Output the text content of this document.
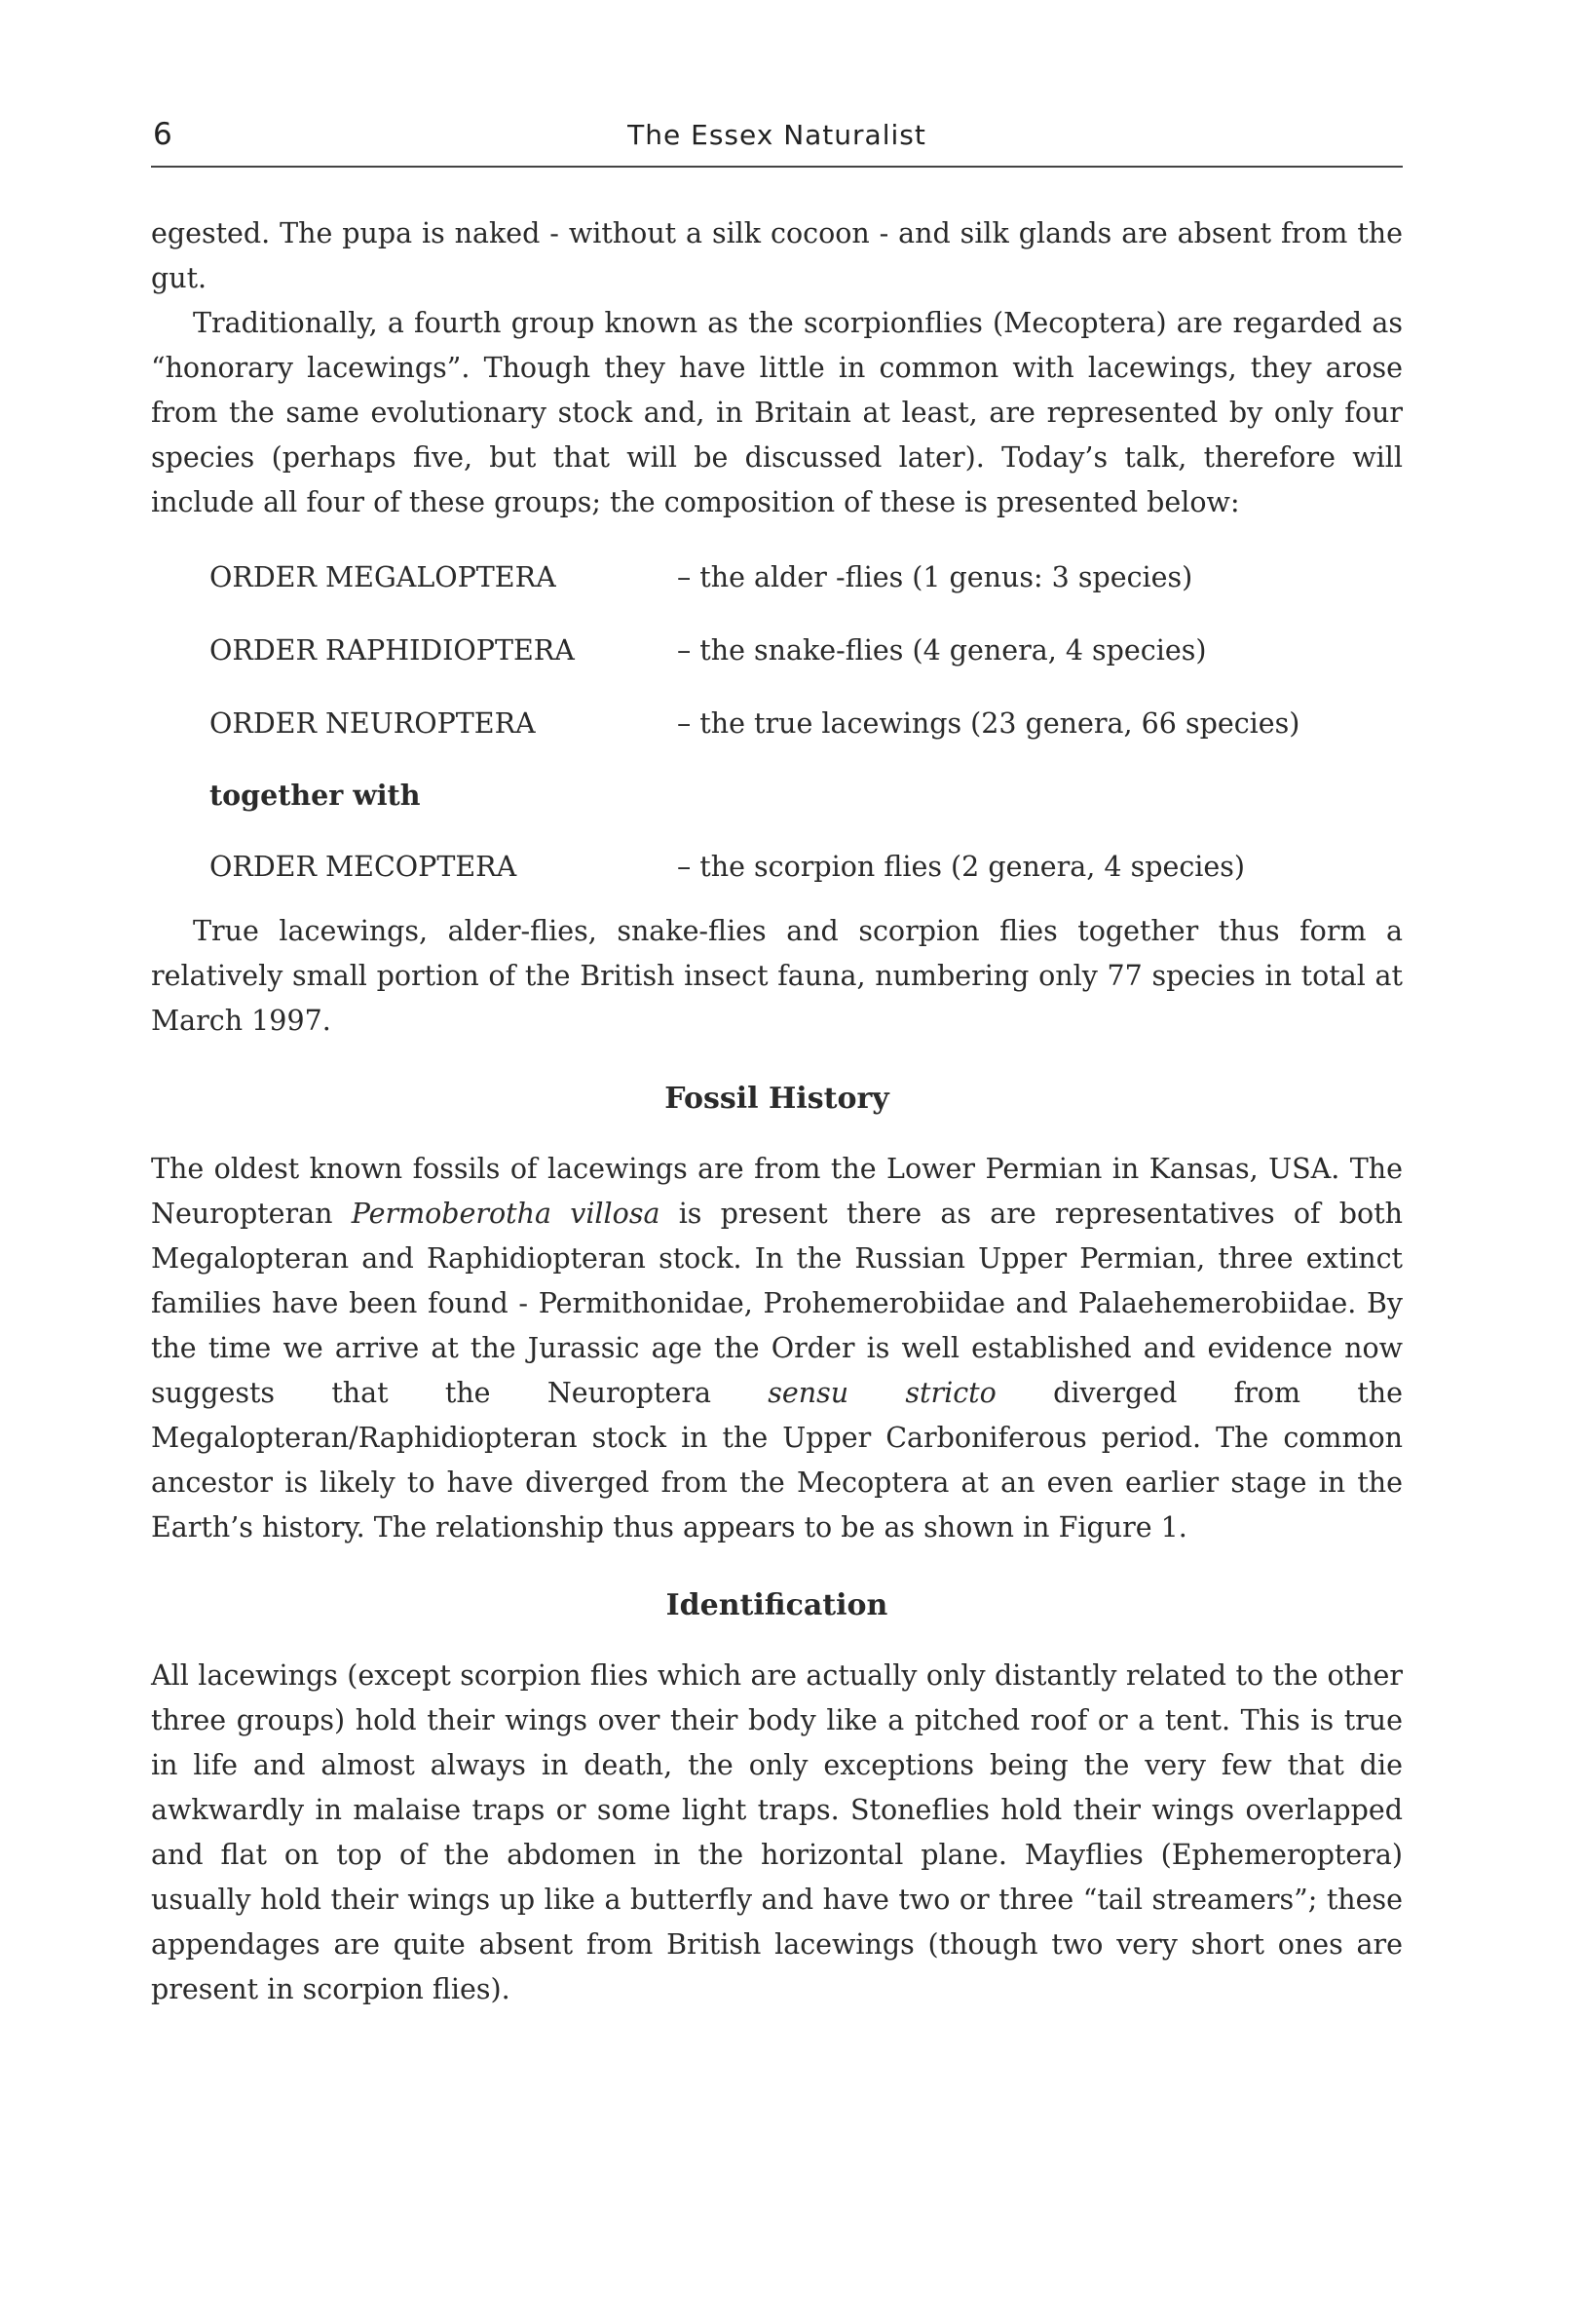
6	The Essex Naturalist

egested. The pupa is naked - without a silk cocoon - and silk glands are absent from the gut.

Traditionally, a fourth group known as the scorpionflies (Mecoptera) are regarded as “honorary lacewings”. Though they have little in common with lacewings, they arose from the same evolutionary stock and, in Britain at least, are represented by only four species (perhaps five, but that will be discussed later). Today’s talk, therefore will include all four of these groups; the composition of these is presented below:

ORDER MEGALOPTERA	– the alder -flies (1 genus: 3 species)
ORDER RAPHIDIOPTERA	– the snake-flies (4 genera, 4 species)
ORDER NEUROPTERA	– the true lacewings (23 genera, 66 species)
together with
ORDER MECOPTERA	– the scorpion flies (2 genera, 4 species)

True lacewings, alder-flies, snake-flies and scorpion flies together thus form a relatively small portion of the British insect fauna, numbering only 77 species in total at March 1997.

Fossil History

The oldest known fossils of lacewings are from the Lower Permian in Kansas, USA. The Neuropteran Permoberotha villosa is present there as are representatives of both Megalopteran and Raphidiopteran stock. In the Russian Upper Permian, three extinct families have been found - Permithonidae, Prohemerobiidae and Palaehemerobiidae. By the time we arrive at the Jurassic age the Order is well established and evidence now suggests that the Neuroptera sensu stricto diverged from the Megalopteran/Raphidiopteran stock in the Upper Carboniferous period. The common ancestor is likely to have diverged from the Mecoptera at an even earlier stage in the Earth’s history. The relationship thus appears to be as shown in Figure 1.

Identification

All lacewings (except scorpion flies which are actually only distantly related to the other three groups) hold their wings over their body like a pitched roof or a tent. This is true in life and almost always in death, the only exceptions being the very few that die awkwardly in malaise traps or some light traps. Stoneflies hold their wings overlapped and flat on top of the abdomen in the horizontal plane. Mayflies (Ephemeroptera) usually hold their wings up like a butterfly and have two or three “tail streamers”; these appendages are quite absent from British lacewings (though two very short ones are present in scorpion flies).
